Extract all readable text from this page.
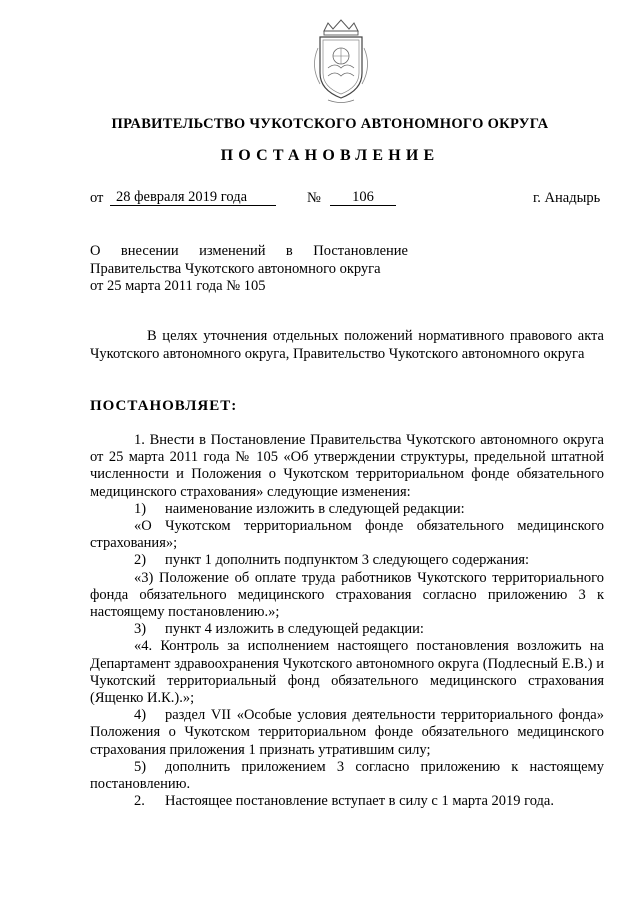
ПРАВИТЕЛЬСТВО ЧУКОТСКОГО АВТОНОМНОГО ОКРУГА
ПОСТАНОВЛЕНИЕ
от 28 февраля 2019 года	№	106	г. Анадырь
О внесении изменений в Постановление
Правительства Чукотского автономного округа
от 25 марта 2011 года № 105
В целях уточнения отдельных положений нормативного правового акта Чукотского автономного округа, Правительство Чукотского автономного округа
ПОСТАНОВЛЯЕТ:

1. Внести в Постановление Правительства Чукотского автономного округа от 25 марта 2011 года № 105 «Об утверждении структуры, предельной штатной численности и Положения о Чукотском территориальном фонде обязательного медицинского страхования» следующие изменения:

1) наименование изложить в следующей редакции:

«О Чукотском территориальном фонде обязательного медицинского страхования»;

2) пункт 1 дополнить подпунктом 3 следующего содержания:

«3) Положение об оплате труда работников Чукотского территориального фонда обязательного медицинского страхования согласно приложению 3 к настоящему постановлению.»;

3) пункт 4 изложить в следующей редакции:

«4. Контроль за исполнением настоящего постановления возложить на Департамент здравоохранения Чукотского автономного округа (Подлесный Е.В.) и Чукотский территориальный фонд обязательного медицинского страхования (Ященко И.К.).»;

4) раздел VII «Особые условия деятельности территориального фонда» Положения о Чукотском территориальном фонде обязательного медицинского страхования приложения 1 признать утратившим силу;

5) дополнить приложением 3 согласно приложению к настоящему постановлению.

2. Настоящее постановление вступает в силу с 1 марта 2019 года.
